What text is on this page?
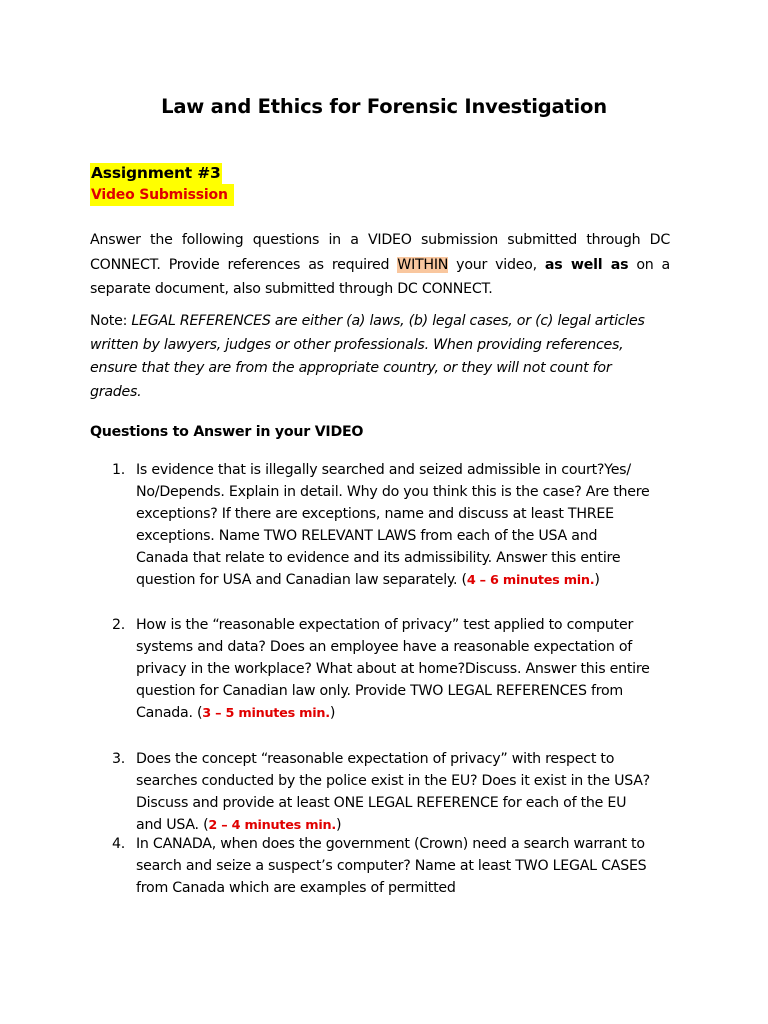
Law and Ethics for Forensic Investigation
Assignment #3
Video Submission
Answer the following questions in a VIDEO submission submitted through DC CONNECT. Provide references as required WITHIN your video, as well as on a separate document, also submitted through DC CONNECT.
Note: LEGAL REFERENCES are either (a) laws, (b) legal cases, or (c) legal articles written by lawyers, judges or other professionals. When providing references, ensure that they are from the appropriate country, or they will not count for grades.
Questions to Answer in your VIDEO
1. Is evidence that is illegally searched and seized admissible in court?Yes/ No/Depends. Explain in detail. Why do you think this is the case? Are there exceptions? If there are exceptions, name and discuss at least THREE exceptions. Name TWO RELEVANT LAWS from each of the USA and Canada that relate to evidence and its admissibility. Answer this entire question for USA and Canadian law separately. (4 – 6 minutes min.)
2. How is the “reasonable expectation of privacy” test applied to computer systems and data? Does an employee have a reasonable expectation of privacy in the workplace? What about at home?Discuss. Answer this entire question for Canadian law only. Provide TWO LEGAL REFERENCES from Canada. (3 – 5 minutes min.)
3. Does the concept “reasonable expectation of privacy” with respect to searches conducted by the police exist in the EU? Does it exist in the USA?Discuss and provide at least ONE LEGAL REFERENCE for each of the EU and USA. (2 – 4 minutes min.)
4. In CANADA, when does the government (Crown) need a search warrant to search and seize a suspect’s computer? Name at least TWO LEGAL CASES from Canada which are examples of permitted
